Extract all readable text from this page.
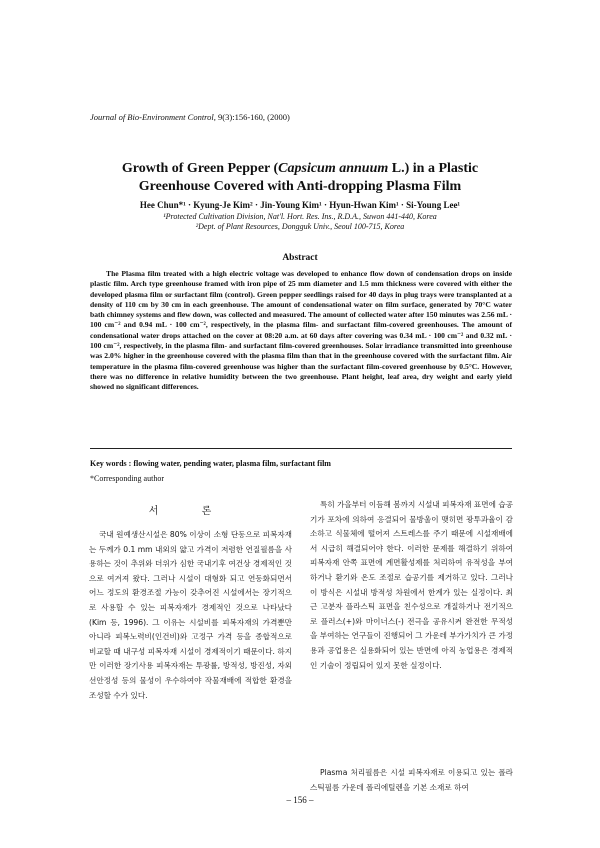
Journal of Bio-Environment Control, 9(3):156-160, (2000)
Growth of Green Pepper (Capsicum annuum L.) in a Plastic
Greenhouse Covered with Anti-dropping Plasma Film
Hee Chun*¹ · Kyung-Je Kim² · Jin-Young Kim¹ · Hyun-Hwan Kim¹ · Si-Young Lee¹
¹Protected Cultivation Division, Nat'l. Hort. Res. Ins., R.D.A., Suwon 441-440, Korea
²Dept. of Plant Resources, Dongguk Univ., Seoul 100-715, Korea
Abstract

The Plasma film treated with a high electric voltage was developed to enhance flow down of condensation drops on inside plastic film. Arch type greenhouse framed with iron pipe of 25 mm diameter and 1.5 mm thickness were covered with either the developed plasma film or surfactant film (control). Green pepper seedlings raised for 40 days in plug trays were transplanted at a density of 110 cm by 30 cm in each greenhouse. The amount of condensational water on film surface, generated by 70°C water bath chimney systems and flew down, was collected and measured. The amount of collected water after 150 minutes was 2.56 mL · 100 cm⁻² and 0.94 mL · 100 cm⁻², respectively, in the plasma film- and surfactant film-covered greenhouses. The amount of condensational water drops attached on the cover at 08:20 a.m. at 60 days after covering was 0.34 mL · 100 cm⁻² and 0.32 mL · 100 cm⁻², respectively, in the plasma film- and surfactant film-covered greenhouses. Solar irradiance transmitted into greenhouse was 2.0% higher in the greenhouse covered with the plasma film than that in the greenhouse covered with the surfactant film. Air temperature in the plasma film-covered greenhouse was higher than the surfactant film-covered greenhouse by 0.5°C. However, there was no difference in relative humidity between the two greenhouse. Plant height, leaf area, dry weight and early yield showed no significant differences.

Key words : flowing water, pending water, plasma film, surfactant film
*Corresponding author
서 론

국내 원예생산시설은 80% 이상이 소형 단동으로 피복자재는 두께가 0.1 mm 내외의 얇고 가격이 저렴한 연질필름을 사용하는 것이 추위와 더위가 심한 국내기후 여건상 경제적인 것으로 여겨져 왔다. 그러나 시설이 대형화 되고 연동화되면서 어느 정도의 환경조절 가능이 갖추어진 시설에서는 장기적으로 사용할 수 있는 피복자재가 경제적인 것으로 나타났다(Kim 등, 1996). 그 이유는 시설비를 피복자재의 가격뿐만 아니라 피복노력비(인건비)와 고정구 가격 등을 종합적으로 비교할 때 내구성 피복자재 시설이 경제적이기 때문이다. 하지만 이러한 장기사용 피복자재는 투광률, 방적성, 방진성, 자외선안정성 등의 물성이 우수하여야 작물재배에 적합한 환경을 조성할 수가 있다.

특히 가을부터 이듬해 봄까지 시설내 피복자재 표면에 습공기가 포차에 의하여 응결되어 물방울이 맺히면 광투과율이 감소하고 식물체에 떨어져 스트레스를 주기 때문에 시설재배에서 시급히 해결되어야 한다. 이러한 문제를 해결하기 위하여 피복자재 안쪽 표면에 계면활성제를 처리하여 유적성을 부여하거나 환기와 온도 조절로 습공기를 제거하고 있다. 그러나 이 방식은 시설내 방적성 차원에서 한계가 있는 실정이다. 최근 고분자 플라스틱 표면을 친수성으로 개질하거나 전기적으로 플러스(+)와 마이너스(-) 전극을 공유시켜 완전한 무적성을 부여하는 연구들이 진행되어 그 가운데 부가가치가 큰 가정용과 공업용은 실용화되어 있는 반면에 아직 농업용은 경제적인 기술이 정립되어 있지 못한 실정이다.

Plasma 처리필름은 시설 피복자재로 이용되고 있는 폴라스틱필름 가운데 폴리에틸렌을 기본 소재로 하여

– 156 –
